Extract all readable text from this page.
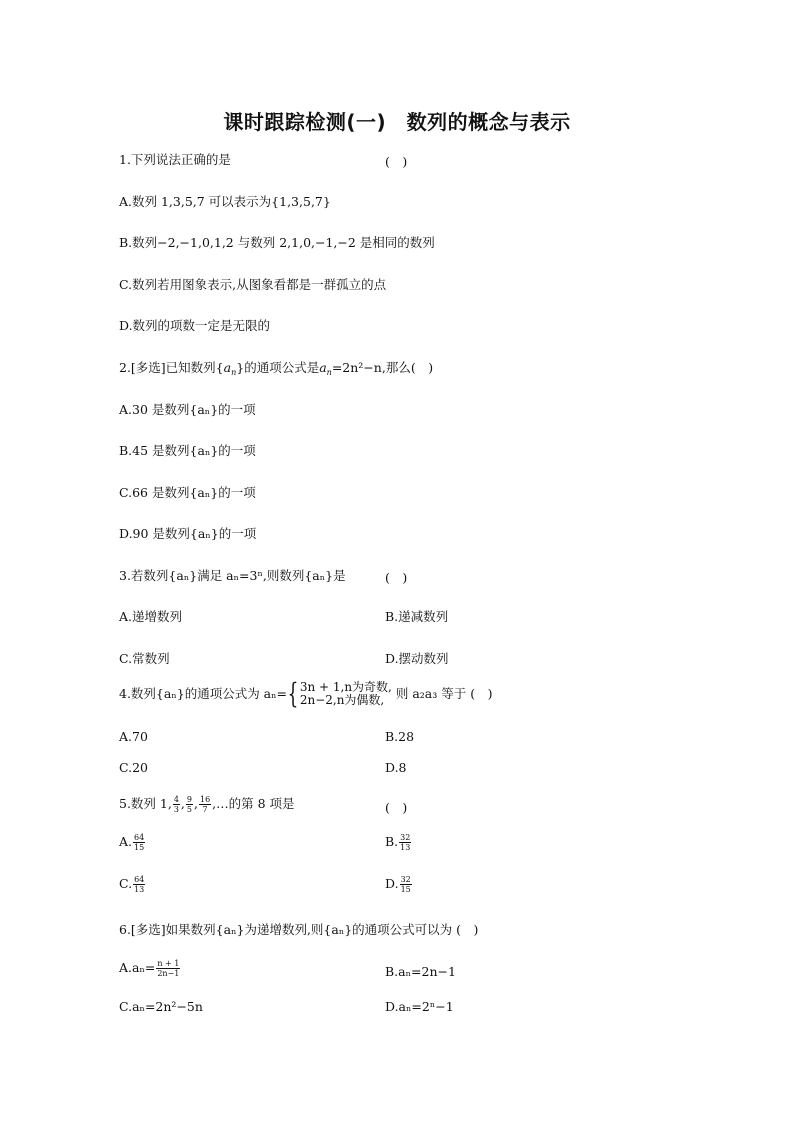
课时跟踪检测(一)　数列的概念与表示
1.下列说法正确的是	(　)
A.数列 1,3,5,7 可以表示为{1,3,5,7}
B.数列−2,−1,0,1,2 与数列 2,1,0,−1,−2 是相同的数列
C.数列若用图象表示,从图象看都是一群孤立的点
D.数列的项数一定是无限的
2.[多选]已知数列$\{a_n\}$的通项公式是$a_n=2n^2-n$,那么(　)
A.30 是数列{aₙ}的一项
B.45 是数列{aₙ}的一项
C.66 是数列{aₙ}的一项
D.90 是数列{aₙ}的一项
3.若数列{aₙ}满足 aₙ=3ⁿ,则数列{aₙ}是	(　)
A.递增数列	B.递减数列
C.常数列	D.摆动数列
4.数列{aₙ}的通项公式为 aₙ={ 3n + 1,n为奇数,
2n−2,n为偶数, 则 a₂a₃ 等于 (　)
A.70	B.28
C.20	D.8
5.数列 1, $\frac{4}{3}$ , $\frac{9}{5}$ , $\frac{16}{7}$ ,…的第 8 项是	(　)
A. $\frac{64}{15}$	B. $\frac{32}{13}$
C. $\frac{64}{13}$	D. $\frac{32}{15}$
6.[多选]如果数列{aₙ}为递增数列,则{aₙ}的通项公式可以为 (　)
$A.a_n= \frac{n + 1}{2n-1}$	B.aₙ=2n−1
C.aₙ=2n²−5n	D.aₙ=2ⁿ−1
